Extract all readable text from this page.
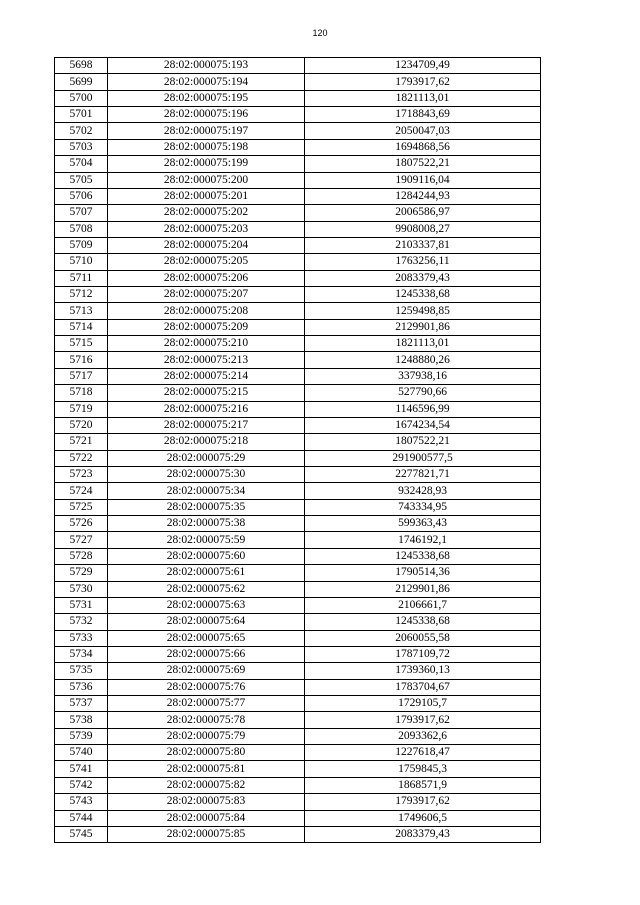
120
5698	28:02:000075:193	1234709,49
5699	28:02:000075:194	1793917,62
5700	28:02:000075:195	1821113,01
5701	28:02:000075:196	1718843,69
5702	28:02:000075:197	2050047,03
5703	28:02:000075:198	1694868,56
5704	28:02:000075:199	1807522,21
5705	28:02:000075:200	1909116,04
5706	28:02:000075:201	1284244,93
5707	28:02:000075:202	2006586,97
5708	28:02:000075:203	9908008,27
5709	28:02:000075:204	2103337,81
5710	28:02:000075:205	1763256,11
5711	28:02:000075:206	2083379,43
5712	28:02:000075:207	1245338,68
5713	28:02:000075:208	1259498,85
5714	28:02:000075:209	2129901,86
5715	28:02:000075:210	1821113,01
5716	28:02:000075:213	1248880,26
5717	28:02:000075:214	337938,16
5718	28:02:000075:215	527790,66
5719	28:02:000075:216	1146596,99
5720	28:02:000075:217	1674234,54
5721	28:02:000075:218	1807522,21
5722	28:02:000075:29	291900577,5
5723	28:02:000075:30	2277821,71
5724	28:02:000075:34	932428,93
5725	28:02:000075:35	743334,95
5726	28:02:000075:38	599363,43
5727	28:02:000075:59	1746192,1
5728	28:02:000075:60	1245338,68
5729	28:02:000075:61	1790514,36
5730	28:02:000075:62	2129901,86
5731	28:02:000075:63	2106661,7
5732	28:02:000075:64	1245338,68
5733	28:02:000075:65	2060055,58
5734	28:02:000075:66	1787109,72
5735	28:02:000075:69	1739360,13
5736	28:02:000075:76	1783704,67
5737	28:02:000075:77	1729105,7
5738	28:02:000075:78	1793917,62
5739	28:02:000075:79	2093362,6
5740	28:02:000075:80	1227618,47
5741	28:02:000075:81	1759845,3
5742	28:02:000075:82	1868571,9
5743	28:02:000075:83	1793917,62
5744	28:02:000075:84	1749606,5
5745	28:02:000075:85	2083379,43
